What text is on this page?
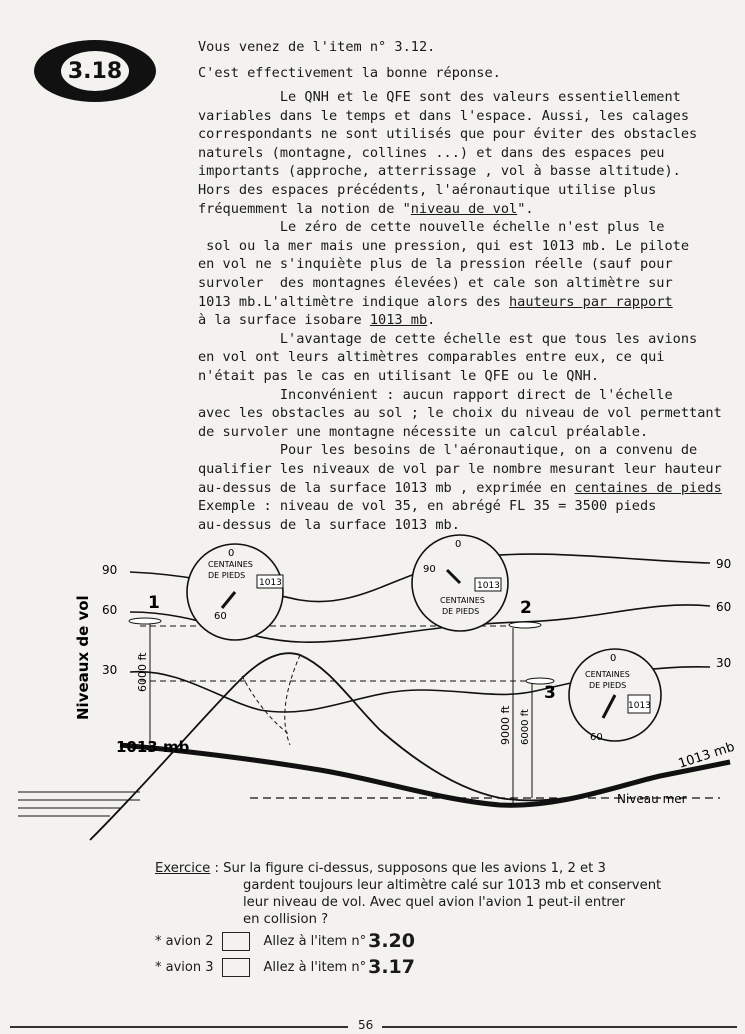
3.18
Vous venez de l'item n° 3.12.
C'est effectivement la bonne réponse.
Le QNH et le QFE sont des valeurs essentiellement
variables dans le temps et dans l'espace. Aussi, les calages
correspondants ne sont utilisés que pour éviter des obstacles
naturels (montagne, collines ...) et dans des espaces peu
importants (approche, atterrissage , vol à basse altitude).
Hors des espaces précédents, l'aéronautique utilise plus
fréquemment la notion de "niveau de vol".
Le zéro de cette nouvelle échelle n'est plus le
sol ou la mer mais une pression, qui est 1013 mb. Le pilote
en vol ne s'inquiète plus de la pression réelle (sauf pour
survoler  des montagnes élevées) et cale son altimètre sur
1013 mb.L'altimètre indique alors des hauteurs par rapport
à la surface isobare 1013 mb.
L'avantage de cette échelle est que tous les avions
en vol ont leurs altimètres comparables entre eux, ce qui
n'était pas le cas en utilisant le QFE ou le QNH.
Inconvénient : aucun rapport direct de l'échelle
avec les obstacles au sol ; le choix du niveau de vol permettant
de survoler une montagne nécessite un calcul préalable.
Pour les besoins de l'aéronautique, on a convenu de
qualifier les niveaux de vol par le nombre mesurant leur hauteur
au-dessus de la surface 1013 mb , exprimée en centaines de pieds
Exemple : niveau de vol 35, en abrégé FL 35 = 3500 pieds
au-dessus de la surface 1013 mb.
Niveaux de vol
90
60
30
90
60
30
1013 mb	1013 mb
Niveau mer
1
6000 ft
0
60
CENTAINES
DE PIEDS
1013
2
9000 ft
0
90
1013
CENTAINES
DE PIEDS
3
6000 ft
0
60
CENTAINES
DE PIEDS
1013
Exercice : Sur la figure ci-dessus, supposons que les avions 1, 2 et 3
gardent toujours leur altimètre calé sur 1013 mb et conservent
leur niveau de vol. Avec quel avion l'avion 1 peut-il entrer
en collision ?
* avion 2	Allez à l'item n° 3.20
* avion 3	Allez à l'item n° 3.17
56
